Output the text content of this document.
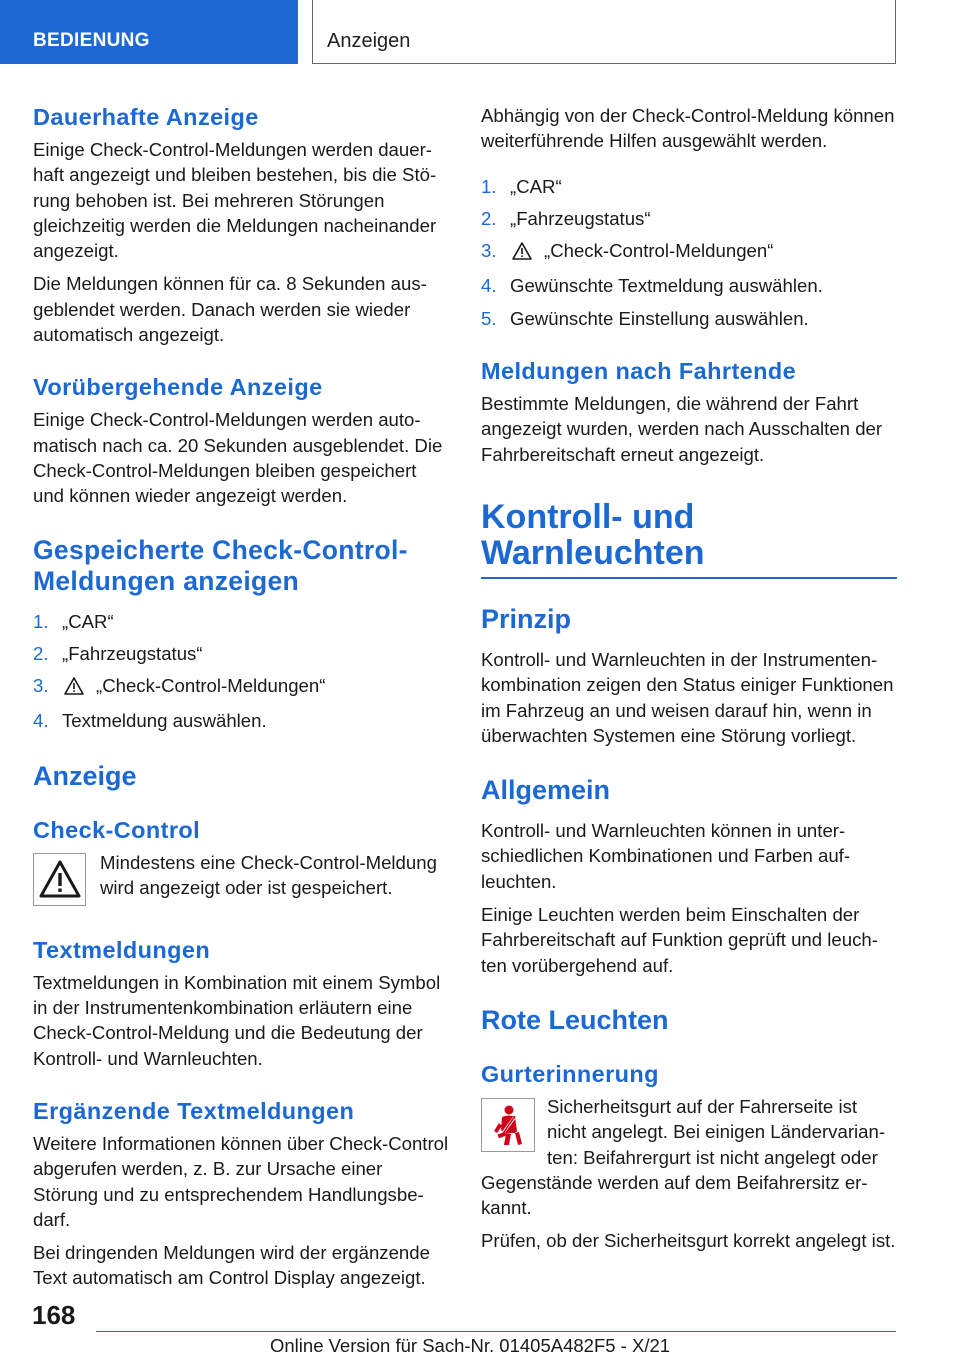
BEDIENUNG	Anzeigen
Dauerhafte Anzeige

Einige Check-Control-Meldungen werden dauerhaft angezeigt und bleiben bestehen, bis die Störung behoben ist. Bei mehreren Störungen gleichzeitig werden die Meldungen nacheinander angezeigt.

Die Meldungen können für ca. 8 Sekunden ausgeblendet werden. Danach werden sie wieder automatisch angezeigt.

Vorübergehende Anzeige

Einige Check-Control-Meldungen werden automatisch nach ca. 20 Sekunden ausgeblendet. Die Check-Control-Meldungen bleiben gespeichert und können wieder angezeigt werden.

Gespeicherte Check-Control-Meldungen anzeigen
1. „CAR“
2. „Fahrzeugstatus“
3.	„Check-Control-Meldungen“
4. Textmeldung auswählen.
Anzeige
Check-Control
Mindestens eine Check-Control-Meldung wird angezeigt oder ist gespeichert.
Textmeldungen

Textmeldungen in Kombination mit einem Symbol in der Instrumentenkombination erläutern eine Check-Control-Meldung und die Bedeutung der Kontroll- und Warnleuchten.

Ergänzende Textmeldungen

Weitere Informationen können über Check-Control abgerufen werden, z. B. zur Ursache einer Störung und zu entsprechendem Handlungsbedarf.

Bei dringenden Meldungen wird der ergänzende Text automatisch am Control Display angezeigt.

Abhängig von der Check-Control-Meldung können weiterführende Hilfen ausgewählt werden.

1. „CAR“
2. „Fahrzeugstatus“
3.	„Check-Control-Meldungen“
4. Gewünschte Textmeldung auswählen.
5. Gewünschte Einstellung auswählen.
Meldungen nach Fahrtende

Bestimmte Meldungen, die während der Fahrt angezeigt wurden, werden nach Ausschalten der Fahrbereitschaft erneut angezeigt.

Kontroll- und
Warnleuchten
Prinzip

Kontroll- und Warnleuchten in der Instrumentenkombination zeigen den Status einiger Funktionen im Fahrzeug an und weisen darauf hin, wenn in überwachten Systemen eine Störung vorliegt.

Allgemein

Kontroll- und Warnleuchten können in unterschiedlichen Kombinationen und Farben aufleuchten.

Einige Leuchten werden beim Einschalten der Fahrbereitschaft auf Funktion geprüft und leuchten vorübergehend auf.

Rote Leuchten
Gurterinnerung

Sicherheitsgurt auf der Fahrerseite ist nicht angelegt. Bei einigen Ländervarianten: Beifahrergurt ist nicht angelegt oder Gegenstände werden auf dem Beifahrersitz erkannt.

Prüfen, ob der Sicherheitsgurt korrekt angelegt ist.

168
Online Version für Sach-Nr. 01405A482F5 - X/21
